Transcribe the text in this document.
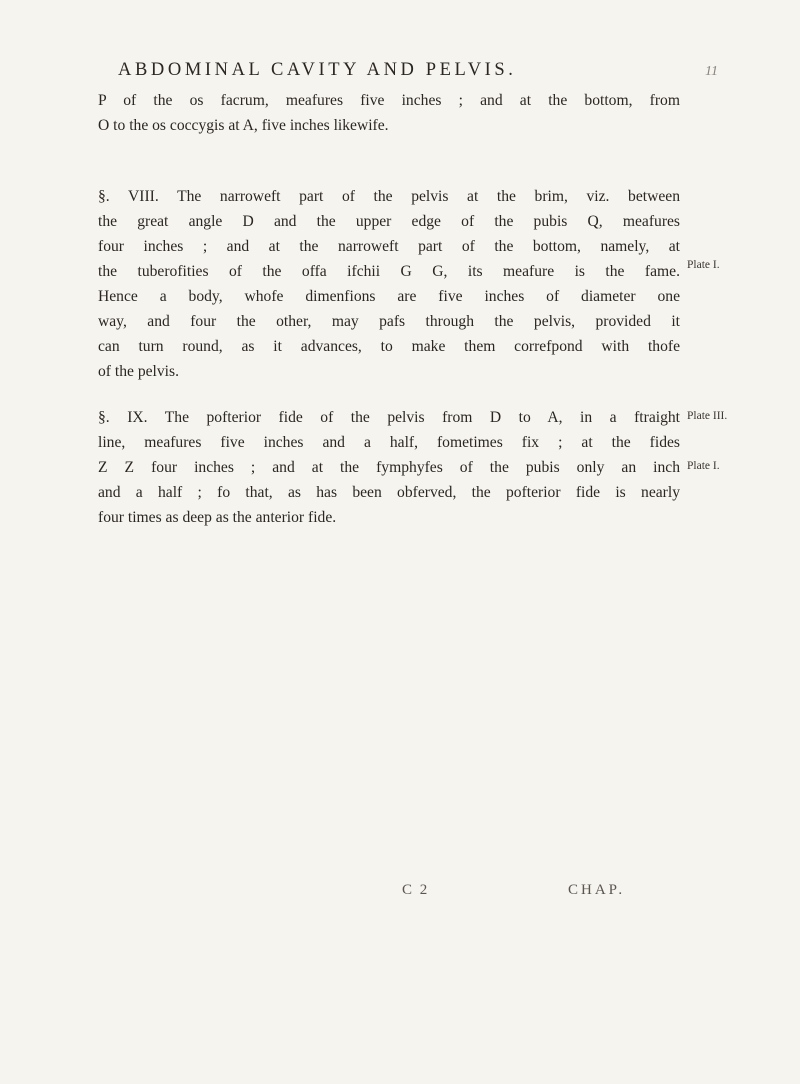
ABDOMINAL CAVITY AND PELVIS.	11
P of the os facrum, meafures five inches ; and at the bottom, from
O to the os coccygis at A, five inches likewife.
§. VIII. The narroweft part of the pelvis at the brim, viz. between
the great angle D and the upper edge of the pubis Q, meafures
four inches ; and at the narroweft part of the bottom, namely, at
the tuberofities of the offa ifchii G G, its meafure is the fame.
Hence a body, whofe dimenfions are five inches of diameter one
way, and four the other, may pafs through the pelvis, provided it
can turn round, as it advances, to make them correfpond with thofe
of the pelvis.
§. IX. The pofterior fide of the pelvis from D to A, in a ftraight
line, meafures five inches and a half, fometimes fix ; at the fides
Z Z four inches ; and at the fymphyfes of the pubis only an inch
and a half ; fo that, as has been obferved, the pofterior fide is nearly
four times as deep as the anterior fide.
Plate I.
Plate III.
Plate I.
C 2	CHAP.
